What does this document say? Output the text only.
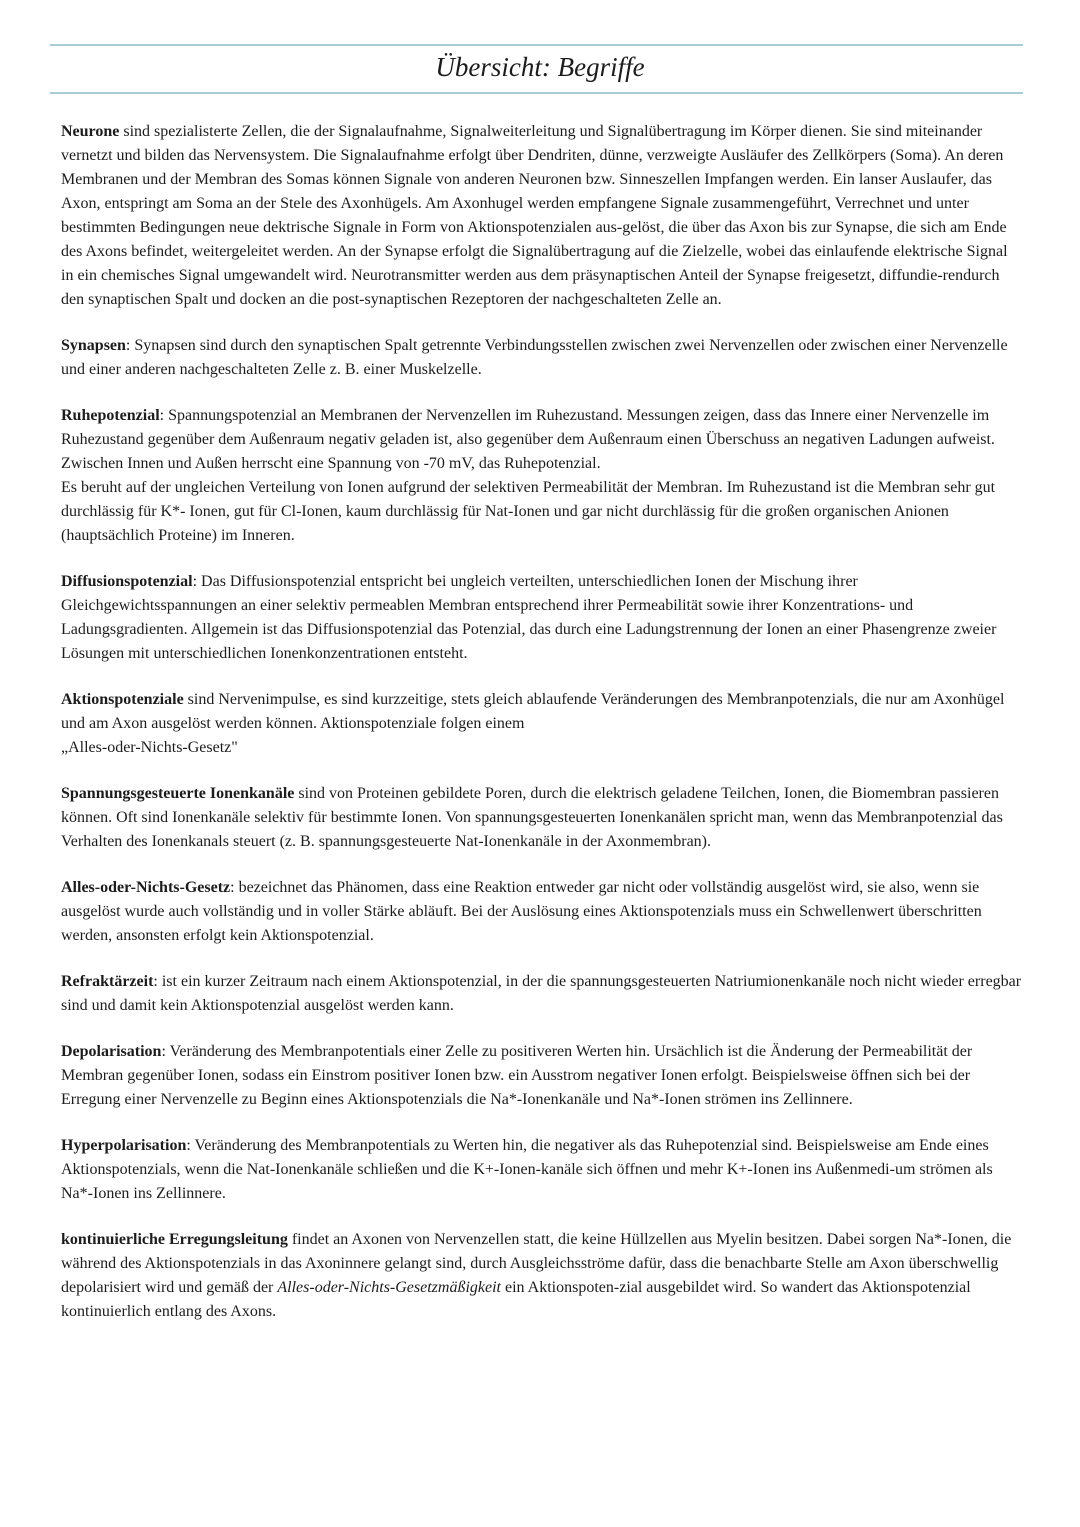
Übersicht: Begriffe

Neurone sind spezialisterte Zellen, die der Signalaufnahme, Signalweiterleitung und Signalübertragung im Körper dienen. Sie sind miteinander vernetzt und bilden das Nervensystem. Die Signalaufnahme erfolgt über Dendriten, dünne, verzweigte Ausläufer des Zellkörpers (Soma). An deren Membranen und der Membran des Somas können Signale von anderen Neuronen bzw. Sinneszellen Impfangen werden. Ein lanser Auslaufer, das Axon, entspringt am Soma an der Stele des Axonhügels. Am Axonhugel werden empfangene Signale zusammengeführt, Verrechnet und unter bestimmten Bedingungen neue dektrische Signale in Form von Aktionspotenzialen aus-gelöst, die über das Axon bis zur Synapse, die sich am Ende des Axons befindet, weitergeleitet werden. An der Synapse erfolgt die Signalübertragung auf die Zielzelle, wobei das einlaufende elektrische Signal in ein chemisches Signal umgewandelt wird. Neurotransmitter werden aus dem präsynaptischen Anteil der Synapse freigesetzt, diffundie-rendurch den synaptischen Spalt und docken an die post-synaptischen Rezeptoren der nachgeschalteten Zelle an.

Synapsen: Synapsen sind durch den synaptischen Spalt getrennte Verbindungsstellen zwischen zwei Nervenzellen oder zwischen einer Nervenzelle und einer anderen nachgeschalteten Zelle z. B. einer Muskelzelle.

Ruhepotenzial: Spannungspotenzial an Membranen der Nervenzellen im Ruhezustand. Messungen zeigen, dass das Innere einer Nervenzelle im Ruhezustand gegenüber dem Außenraum negativ geladen ist, also gegenüber dem Außenraum einen Überschuss an negativen Ladungen aufweist. Zwischen Innen und Außen herrscht eine Spannung von -70 mV, das Ruhepotenzial.
Es beruht auf der ungleichen Verteilung von Ionen aufgrund der selektiven Permeabilität der Membran. Im Ruhezustand ist die Membran sehr gut durchlässig für K*- Ionen, gut für Cl-Ionen, kaum durchlässig für Nat-Ionen und gar nicht durchlässig für die großen organischen Anionen (hauptsächlich Proteine) im Inneren.

Diffusionspotenzial: Das Diffusionspotenzial entspricht bei ungleich verteilten, unterschiedlichen Ionen der Mischung ihrer Gleichgewichtsspannungen an einer selektiv permeablen Membran entsprechend ihrer Permeabilität sowie ihrer Konzentrations- und Ladungsgradienten. Allgemein ist das Diffusionspotenzial das Potenzial, das durch eine Ladungstrennung der Ionen an einer Phasengrenze zweier Lösungen mit unterschiedlichen Ionenkonzentrationen entsteht.

Aktionspotenziale sind Nervenimpulse, es sind kurzzeitige, stets gleich ablaufende Veränderungen des Membranpotenzials, die nur am Axonhügel und am Axon ausgelöst werden können. Aktionspotenziale folgen einem
„Alles-oder-Nichts-Gesetz"

Spannungsgesteuerte Ionenkanäle sind von Proteinen gebildete Poren, durch die elektrisch geladene Teilchen, Ionen, die Biomembran passieren können. Oft sind Ionenkanäle selektiv für bestimmte Ionen. Von spannungsgesteuerten Ionenkanälen spricht man, wenn das Membranpotenzial das Verhalten des Ionenkanals steuert (z. B. spannungsgesteuerte Nat-Ionenkanäle in der Axonmembran).

Alles-oder-Nichts-Gesetz: bezeichnet das Phänomen, dass eine Reaktion entweder gar nicht oder vollständig ausgelöst wird, sie also, wenn sie ausgelöst wurde auch vollständig und in voller Stärke abläuft. Bei der Auslösung eines Aktionspotenzials muss ein Schwellenwert überschritten werden, ansonsten erfolgt kein Aktionspotenzial.

Refraktärzeit: ist ein kurzer Zeitraum nach einem Aktionspotenzial, in der die spannungsgesteuerten Natriumionenkanäle noch nicht wieder erregbar sind und damit kein Aktionspotenzial ausgelöst werden kann.

Depolarisation: Veränderung des Membranpotentials einer Zelle zu positiveren Werten hin. Ursächlich ist die Änderung der Permeabilität der Membran gegenüber Ionen, sodass ein Einstrom positiver Ionen bzw. ein Ausstrom negativer Ionen erfolgt. Beispielsweise öffnen sich bei der Erregung einer Nervenzelle zu Beginn eines Aktionspotenzials die Na*-Ionenkanäle und Na*-Ionen strömen ins Zellinnere.

Hyperpolarisation: Veränderung des Membranpotentials zu Werten hin, die negativer als das Ruhepotenzial sind. Beispielsweise am Ende eines Aktionspotenzials, wenn die Nat-Ionenkanäle schließen und die K+-Ionen-kanäle sich öffnen und mehr K+-Ionen ins Außenmedi-um strömen als Na*-Ionen ins Zellinnere.

kontinuierliche Erregungsleitung findet an Axonen von Nervenzellen statt, die keine Hüllzellen aus Myelin besitzen. Dabei sorgen Na*-Ionen, die während des Aktionspotenzials in das Axoninnere gelangt sind, durch Ausgleichsströme dafür, dass die benachbarte Stelle am Axon überschwellig depolarisiert wird und gemäß der Alles-oder-Nichts-Gesetzmäßigkeit ein Aktionspoten-zial ausgebildet wird. So wandert das Aktionspotenzial kontinuierlich entlang des Axons.
